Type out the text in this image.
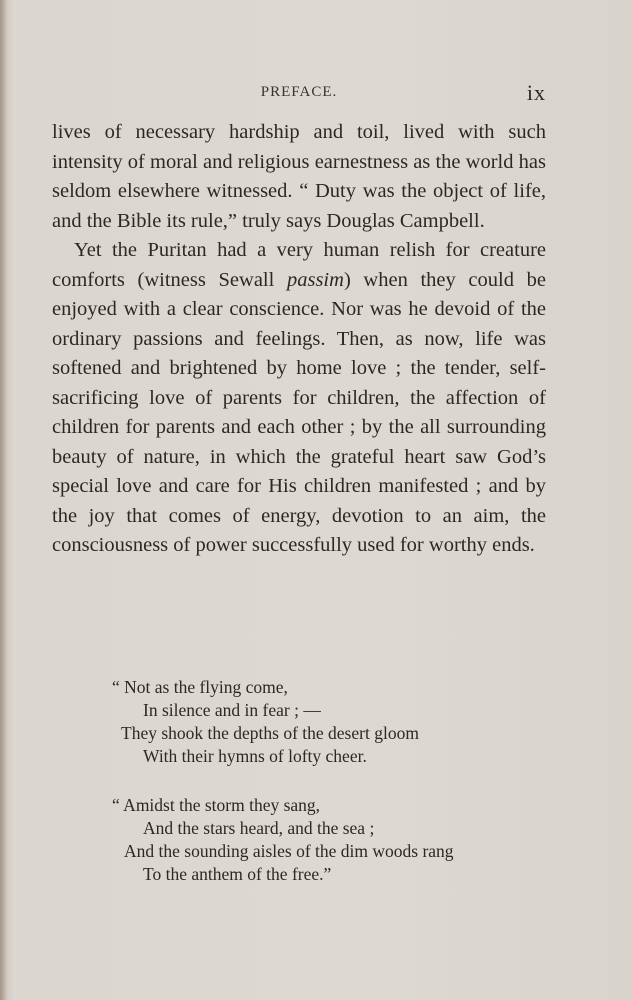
PREFACE.	ix

lives of necessary hardship and toil, lived with such intensity of moral and religious earnestness as the world has seldom elsewhere witnessed. “ Duty was the object of life, and the Bible its rule,” truly says Douglas Campbell.

Yet the Puritan had a very human relish for creature comforts (witness Sewall passim) when they could be enjoyed with a clear conscience. Nor was he devoid of the ordinary passions and feelings. Then, as now, life was softened and brightened by home love ; the tender, self-sacrificing love of parents for children, the affection of children for parents and each other ; by the all surrounding beauty of nature, in which the grateful heart saw God’s special love and care for His children manifested ; and by the joy that comes of energy, devotion to an aim, the consciousness of power successfully used for worthy ends.

“ Not as the flying come,
In silence and in fear ; —
They shook the depths of the desert gloom
With their hymns of lofty cheer.
“ Amidst the storm they sang,
And the stars heard, and the sea ;
And the sounding aisles of the dim woods rang
To the anthem of the free.”
